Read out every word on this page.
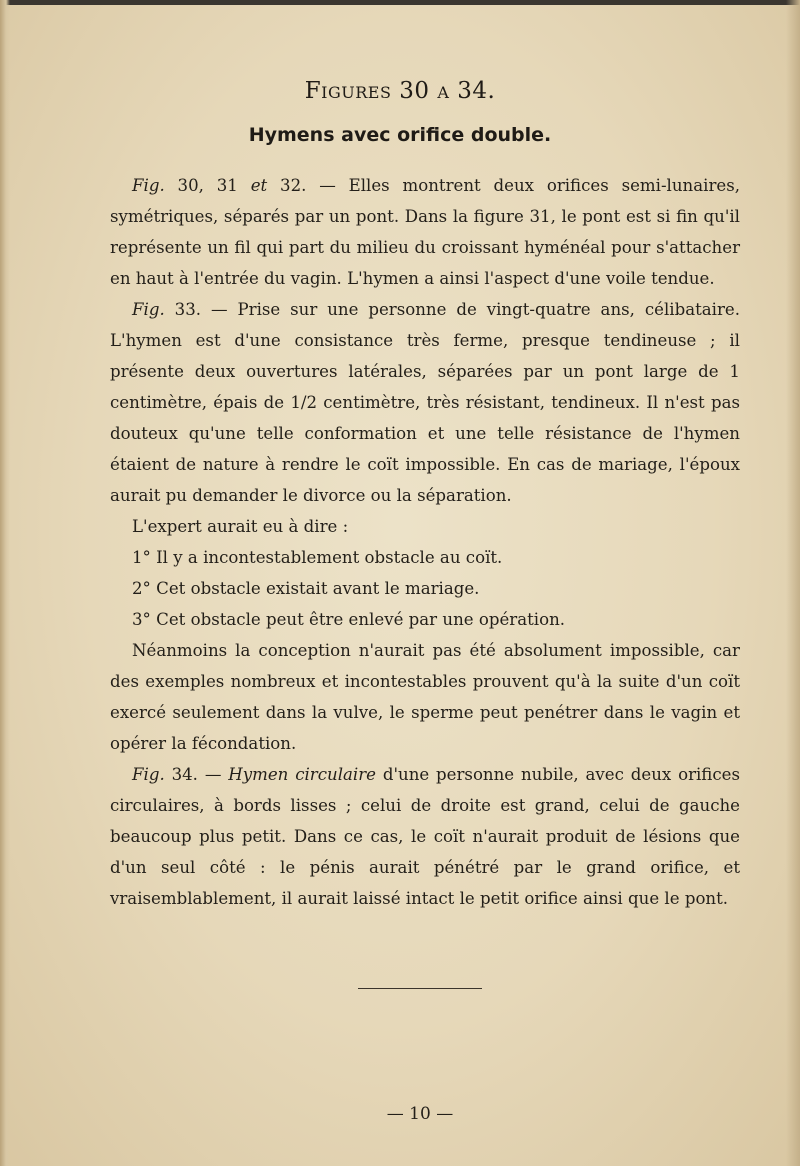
Figures 30 a 34.
Hymens avec orifice double.

Fig. 30, 31 et 32. — Elles montrent deux orifices semi-lunaires, symétriques, séparés par un pont. Dans la figure 31, le pont est si fin qu'il représente un fil qui part du milieu du croissant hyménéal pour s'attacher en haut à l'entrée du vagin. L'hymen a ainsi l'aspect d'une voile tendue.

Fig. 33. — Prise sur une personne de vingt-quatre ans, célibataire. L'hymen est d'une consistance très ferme, presque tendineuse ; il présente deux ouvertures latérales, séparées par un pont large de 1 centimètre, épais de 1/2 centimètre, très résistant, tendineux. Il n'est pas douteux qu'une telle conformation et une telle résistance de l'hymen étaient de nature à rendre le coït impossible. En cas de mariage, l'époux aurait pu demander le divorce ou la séparation.

L'expert aurait eu à dire :

1° Il y a incontestablement obstacle au coït.

2° Cet obstacle existait avant le mariage.

3° Cet obstacle peut être enlevé par une opération.

Néanmoins la conception n'aurait pas été absolument impossible, car des exemples nombreux et incontestables prouvent qu'à la suite d'un coït exercé seulement dans la vulve, le sperme peut penétrer dans le vagin et opérer la fécondation.

Fig. 34. — Hymen circulaire d'une personne nubile, avec deux orifices circulaires, à bords lisses ; celui de droite est grand, celui de gauche beaucoup plus petit. Dans ce cas, le coït n'aurait produit de lésions que d'un seul côté : le pénis aurait pénétré par le grand orifice, et vraisemblablement, il aurait laissé intact le petit orifice ainsi que le pont.

— 10 —
